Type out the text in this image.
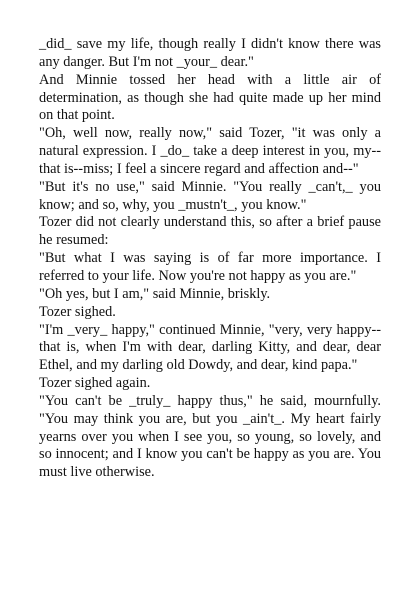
_did_ save my life, though really I didn't know there was any danger. But I'm not _your_ dear."

And Minnie tossed her head with a little air of determination, as though she had quite made up her mind on that point.

"Oh, well now, really now," said Tozer, "it was only a natural expression. I _do_ take a deep interest in you, my--that is--miss; I feel a sincere regard and affection and--"

"But it's no use," said Minnie. "You really _can't,_ you know; and so, why, you _mustn't_, you know."

Tozer did not clearly understand this, so after a brief pause he resumed:

"But what I was saying is of far more importance. I referred to your life. Now you're not happy as you are."

"Oh yes, but I am," said Minnie, briskly.

Tozer sighed.

"I'm _very_ happy," continued Minnie, "very, very happy--that is, when I'm with dear, darling Kitty, and dear, dear Ethel, and my darling old Dowdy, and dear, kind papa."

Tozer sighed again.

"You can't be _truly_ happy thus," he said, mournfully. "You may think you are, but you _ain't_. My heart fairly yearns over you when I see you, so young, so lovely, and so innocent; and I know you can't be happy as you are. You must live otherwise.
